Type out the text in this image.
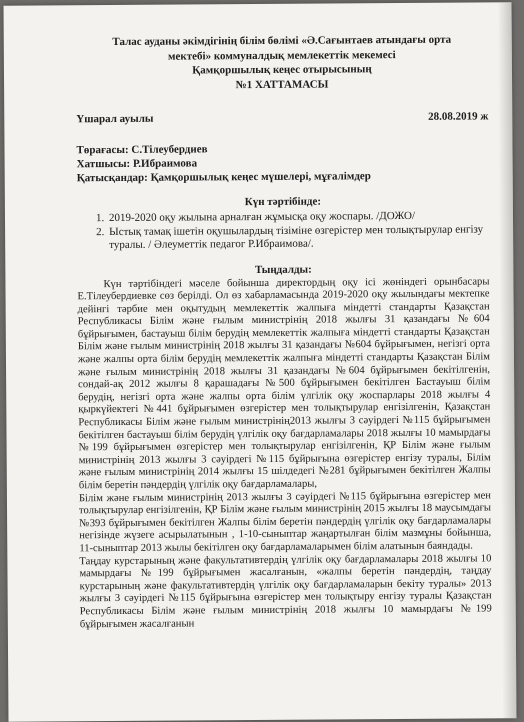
Талас ауданы әкімдігінің білім бөлімі «Ә.Сағынтаев атындағы орта
мектебі» коммуналдық мемлекеттік мекемесі
Қамқоршылық кеңес отырысының
№1 ХАТТАМАСЫ
Үшарал ауылы	28.08.2019 ж
Төрағасы: С.Тілеубердиев
Хатшысы: Р.Ибраимова
Қатысқандар: Қамқоршылық кеңес мүшелері, мұғалімдер
Күн тәртібінде:
1. 2019-2020 оқу жылына арналған жұмысқа оқу жоспары. /ДОЖО/
2. Ыстық тамақ ішетін оқушылардың тізіміне өзгерістер мен толықтырулар енгізу туралы. / Әлеуметтік педагог Р.Ибраимова/.
Тыңдалды:

Күн тәртібіндегі мәселе бойынша директордың оқу ісі жөніндегі орынбасары Е.Тілеубердиевке сөз берілді. Ол өз хабарламасында 2019-2020 оқу жылындағы мектепке дейінгі тәрбие мен оқытудың мемлекеттік жалпыға міндетті стандарты Қазақстан Республикасы Білім және ғылым министрінің 2018 жылғы 31 қазандағы №604 бұйрығымен, бастауыш білім берудің мемлекеттік жалпыға міндетті стандарты Қазақстан Білім және ғылым министрінің 2018 жылғы 31 қазандағы №604 бұйрығымен, негізгі орта және жалпы орта білім берудің мемлекеттік жалпыға міндетті стандарты Қазақстан Білім және ғылым министрінің 2018 жылғы 31 қазандағы №604 бұйрығымен бекітілгенін, сондай-ақ 2012 жылғы 8 қарашадағы №500 бұйрығымен бекітілген Бастауыш білім берудің, негізгі орта және жалпы орта білім үлгілік оқу жоспарлары 2018 жылғы 4 қыркүйектегі №441 бұйрығымен өзгерістер мен толықтырулар енгізілгенін, Қазақстан Республикасы Білім және ғылым министрінің2013 жылғы 3 сәуірдегі №115 бұйрығымен бекітілген бастауыш білім берудің үлгілік оқу бағдарламалары 2018 жылғы 10 мамырдағы №199 бұйрығымен өзгерістер мен толықтырулар енгізілгенін, ҚР Білім және ғылым министрінің 2013 жылғы 3 сәуірдегі №115 бұйрығына өзгерістер енгізу туралы, Білім және ғылым министрінің 2014 жылғы 15 шілдедегі №281 бұйрығымен бекітілген Жалпы білім беретін пәндердің үлгілік оқу бағдарламалары,

Білім және ғылым министрінің 2013 жылғы 3 сәуірдегі №115 бұйрығына өзгерістер мен толықтырулар енгізілгенін, ҚР Білім және ғылым министрінің 2015 жылғы 18 маусымдағы №393 бұйрығымен бекітілген Жалпы білім беретін пәндердің үлгілік оқу бағдарламалары негізінде жүзеге асырылатынын , 1-10-сыныптар жаңартылған білім мазмұны бойынша, 11-сыныптар 2013 жылы бекітілген оқу бағдарламаларымен білім алатынын баяндады.

Таңдау курстарының және факультативтердің үлгілік оқу бағдарламалары 2018 жылғы 10 мамырдағы №199 бұйрығымен жасалғанын, «жалпы беретін пәндердің, таңдау курстарының және факультативтердің үлгілік оқу бағдарламаларын бекіту туралы» 2013 жылғы 3 сәуірдегі №115 бұйрығына өзгерістер мен толықтыру енгізу туралы Қазақстан Республикасы Білім және ғылым министрінің 2018 жылғы 10 мамырдағы №199 бұйрығымен жасалғанын
